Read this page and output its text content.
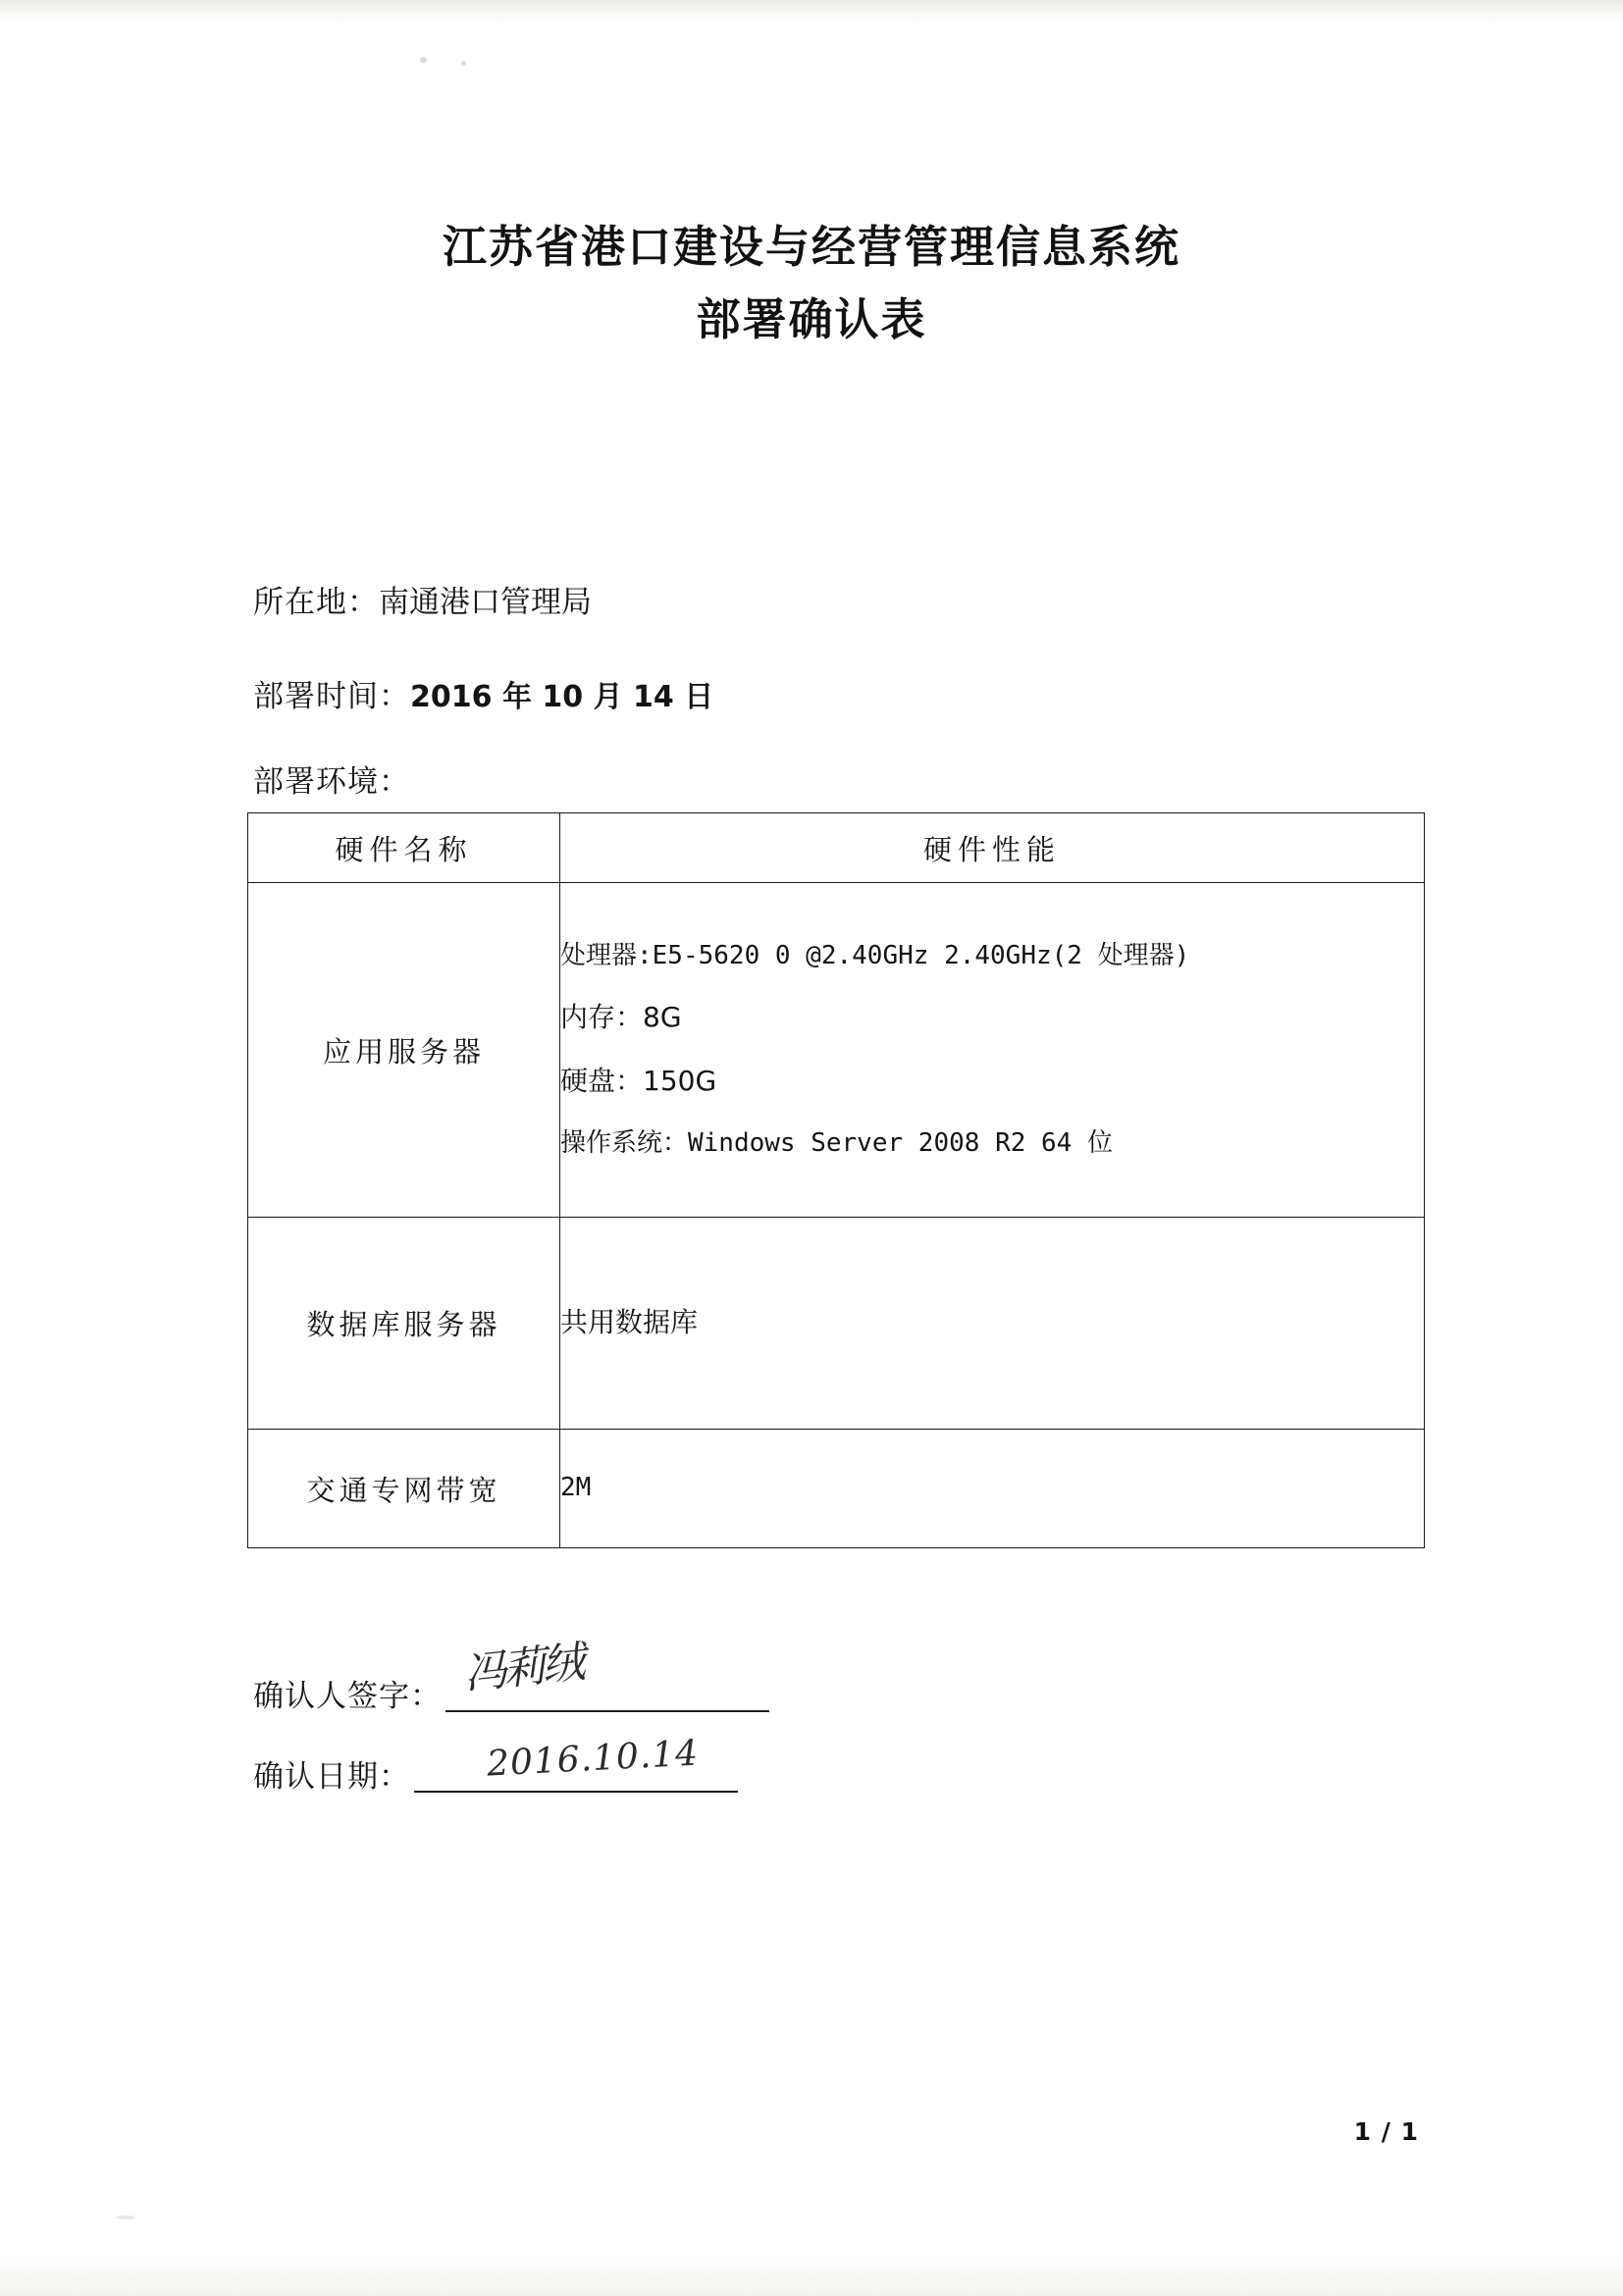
江苏省港口建设与经营管理信息系统
部署确认表
所在地：南通港口管理局
部署时间：2016 年 10 月 14 日
部署环境：
硬件名称	硬件性能
应用服务器	处理器:E5-5620 0 @2.40GHz 2.40GHz(2 处理器)
内存：8G
硬盘：150G
操作系统：Windows Server 2008 R2 64 位

数据库服务器	共用数据库

交通专网带宽	2M
确认人签字： 冯莉绒
确认日期：	2016.10.14
1 / 1
